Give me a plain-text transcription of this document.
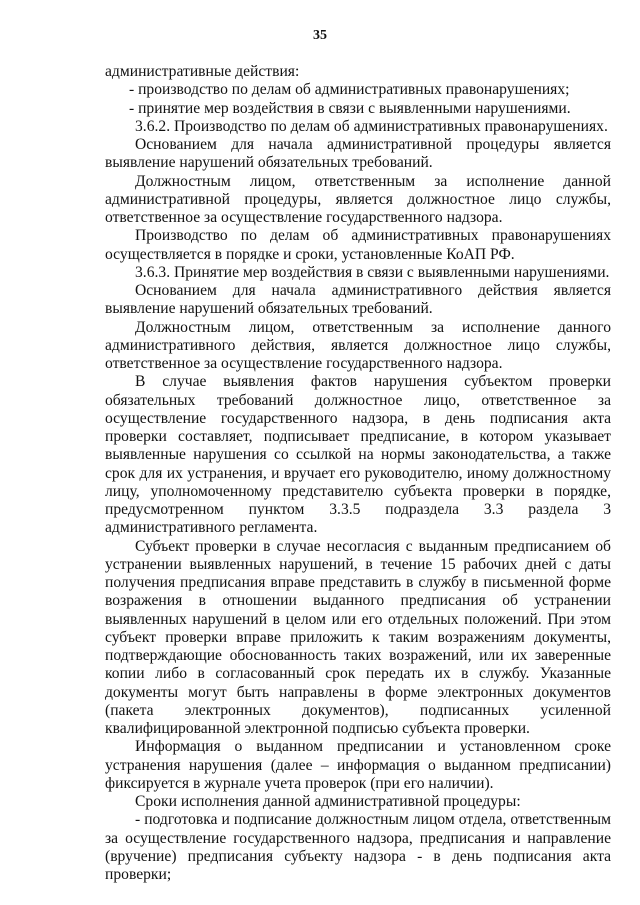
35

административные действия:

- производство по делам об административных правонарушениях;

- принятие мер воздействия в связи с выявленными нарушениями.

3.6.2. Производство по делам об административных правонарушениях.

Основанием для начала административной процедуры является выявление нарушений обязательных требований.

Должностным лицом, ответственным за исполнение данной административной процедуры, является должностное лицо службы, ответственное за осуществление государственного надзора.

Производство по делам об административных правонарушениях осуществляется в порядке и сроки, установленные КоАП РФ.

3.6.3. Принятие мер воздействия в связи с выявленными нарушениями.

Основанием для начала административного действия является выявление нарушений обязательных требований.

Должностным лицом, ответственным за исполнение данного административного действия, является должностное лицо службы, ответственное за осуществление государственного надзора.

В случае выявления фактов нарушения субъектом проверки обязательных требований должностное лицо, ответственное за осуществление государственного надзора, в день подписания акта проверки составляет, подписывает предписание, в котором указывает выявленные нарушения со ссылкой на нормы законодательства, а также срок для их устранения, и вручает его руководителю, иному должностному лицу, уполномоченному представителю субъекта проверки в порядке, предусмотренном пунктом 3.3.5 подраздела 3.3 раздела 3 административного регламента.

Субъект проверки в случае несогласия с выданным предписанием об устранении выявленных нарушений, в течение 15 рабочих дней с даты получения предписания вправе представить в службу в письменной форме возражения в отношении выданного предписания об устранении выявленных нарушений в целом или его отдельных положений. При этом субъект проверки вправе приложить к таким возражениям документы, подтверждающие обоснованность таких возражений, или их заверенные копии либо в согласованный срок передать их в службу. Указанные документы могут быть направлены в форме электронных документов (пакета электронных документов), подписанных усиленной квалифицированной электронной подписью субъекта проверки.

Информация о выданном предписании и установленном сроке устранения нарушения (далее – информация о выданном предписании) фиксируется в журнале учета проверок (при его наличии).

Сроки исполнения данной административной процедуры:

- подготовка и подписание должностным лицом отдела, ответственным за осуществление государственного надзора, предписания и направление (вручение) предписания субъекту надзора - в день подписания акта проверки;
